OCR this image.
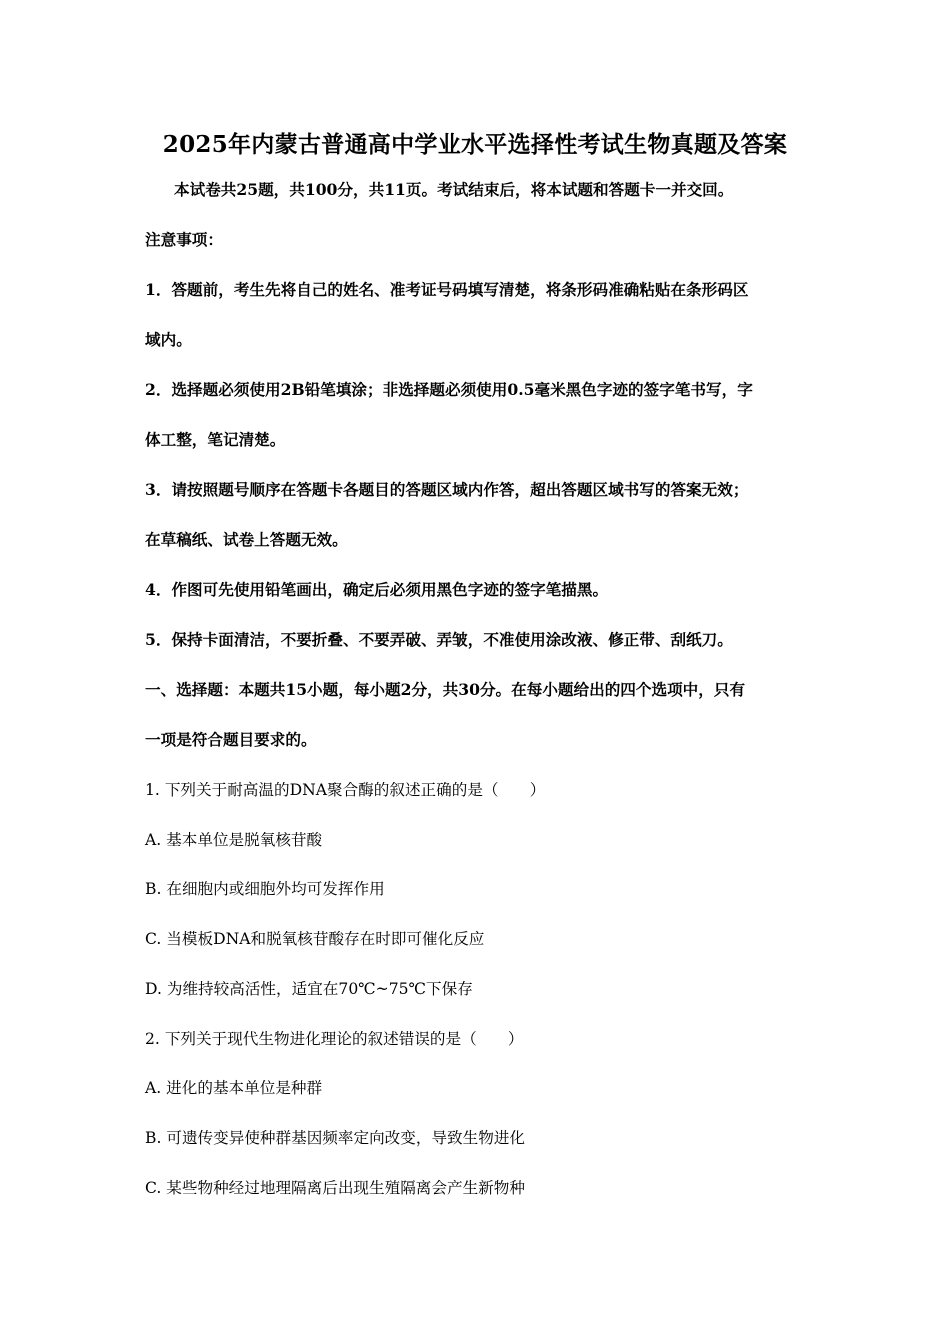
2025年内蒙古普通高中学业水平选择性考试生物真题及答案
本试卷共25题，共100分，共11页。考试结束后，将本试题和答题卡一并交回。
注意事项：
1．答题前，考生先将自己的姓名、准考证号码填写清楚，将条形码准确粘贴在条形码区
域内。
2．选择题必须使用2B铅笔填涂；非选择题必须使用0.5毫米黑色字迹的签字笔书写，字
体工整，笔记清楚。
3．请按照题号顺序在答题卡各题目的答题区域内作答，超出答题区域书写的答案无效；
在草稿纸、试卷上答题无效。
4．作图可先使用铅笔画出，确定后必须用黑色字迹的签字笔描黑。
5．保持卡面清洁，不要折叠、不要弄破、弄皱，不准使用涂改液、修正带、刮纸刀。
一、选择题：本题共15小题，每小题2分，共30分。在每小题给出的四个选项中，只有
一项是符合题目要求的。
1. 下列关于耐高温的DNA聚合酶的叙述正确的是（　　）
A. 基本单位是脱氧核苷酸
B. 在细胞内或细胞外均可发挥作用
C. 当模板DNA和脱氧核苷酸存在时即可催化反应
D. 为维持较高活性，适宜在70℃~75℃下保存
2. 下列关于现代生物进化理论的叙述错误的是（　　）
A. 进化的基本单位是种群
B. 可遗传变异使种群基因频率定向改变，导致生物进化
C. 某些物种经过地理隔离后出现生殖隔离会产生新物种
